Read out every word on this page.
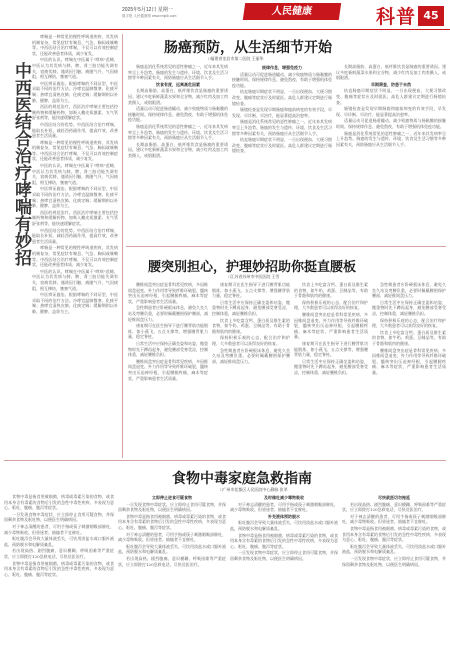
2025年5月12日 星期一
数字报 人民健康网 www.rmjkb.com	人民健康	科普 45
中西医结合治疗哮喘有妙招

哮喘是一种常见的慢性呼吸道疾病，其发病机制复杂，常见症状有喘息、气急、胸闷或咳嗽等。中西医结合治疗哮喘，不仅可以有效控制症状，还能改善患者体质，减少复发。

中医的认识。哮喘在中医属于"哮病"范畴，中医认为其发病与肺、脾、肾三脏功能失调有关，宿痰伏肺，遇诱因引触，痰随气升，气因痰阻，相互搏结，壅塞气道。

中医辨证施治。根据哮喘的不同证型，中医采取不同的治疗方法。冷哮宜温肺散寒、化痰平喘；热哮宜清热宣肺、化痰定喘；缓解期则以补肺、健脾、益肾为主。

西医的规范治疗。西医治疗哮喘主要包括控制药物和缓解药物，如吸入糖皮质激素、支气管舒张剂等，能快速缓解症状。

中西医结合的优势。中西医结合治疗哮喘，能取长补短，减轻西药副作用，提高疗效，改善患者生活质量。

哮喘是一种常见的慢性呼吸道疾病，其发病机制复杂，常见症状有喘息、气急、胸闷或咳嗽等。中西医结合治疗哮喘，不仅可以有效控制症状，还能改善患者体质，减少复发。

中医的认识。哮喘在中医属于"哮病"范畴，中医认为其发病与肺、脾、肾三脏功能失调有关，宿痰伏肺，遇诱因引触，痰随气升，气因痰阻，相互搏结，壅塞气道。

中医辨证施治。根据哮喘的不同证型，中医采取不同的治疗方法。冷哮宜温肺散寒、化痰平喘；热哮宜清热宣肺、化痰定喘；缓解期则以补肺、健脾、益肾为主。

西医的规范治疗。西医治疗哮喘主要包括控制药物和缓解药物，如吸入糖皮质激素、支气管舒张剂等，能快速缓解症状。

中西医结合的优势。中西医结合治疗哮喘，能取长补短，减轻西药副作用，提高疗效，改善患者生活质量。

哮喘是一种常见的慢性呼吸道疾病，其发病机制复杂，常见症状有喘息、气急、胸闷或咳嗽等。中西医结合治疗哮喘，不仅可以有效控制症状，还能改善患者体质，减少复发。

中医的认识。哮喘在中医属于"哮病"范畴，中医认为其发病与肺、脾、肾三脏功能失调有关，宿痰伏肺，遇诱因引触，痰随气升，气因痰阻，相互搏结，壅塞气道。

中医辨证施治。根据哮喘的不同证型，中医采取不同的治疗方法。冷哮宜温肺散寒、化痰平喘；热哮宜清热宣肺、化痰定喘；缓解期则以补肺、健脾、益肾为主。

肠癌预防，从生活细节开始
□福建省龙岩市第二医院 王丽华

肠癌是消化系统常见的恶性肿瘤之一，近年来其发病率呈上升趋势。肠癌的发生与遗传、环境、饮食及生活习惯等多种因素有关，预防肠癌应从生活细节入手。

饮食有度，远离高危因素

长期高脂肪、高蛋白、低纤维饮食是肠癌的重要诱因。建议多吃新鲜蔬菜水果和全谷物，减少红肉及加工肉类摄入，戒烟限酒。

适量运动可促进肠道蠕动，减少致癌物质与肠黏膜的接触时间。保持规律作息、避免熬夜，有助于增强机体免疫功能。

肠癌是消化系统常见的恶性肿瘤之一，近年来其发病率呈上升趋势。肠癌的发生与遗传、环境、饮食及生活习惯等多种因素有关，预防肠癌应从生活细节入手。

长期高脂肪、高蛋白、低纤维饮食是肠癌的重要诱因。建议多吃新鲜蔬菜水果和全谷物，减少红肉及加工肉类摄入，戒烟限酒。

规律作息，增强免疫力

适量运动可促进肠道蠕动，减少致癌物质与肠黏膜的接触时间。保持规律作息、避免熬夜，有助于增强机体免疫功能。

结直肠癌早期症状不明显，一旦出现便血、大便习惯改变、腹痛等症状应及时就医。高危人群建议定期进行肠镜检查。

肠镜检查是发现早期肠癌和癌前病变的有效手段，早发现、早诊断、早治疗，能显著提高治愈率。

肠癌是消化系统常见的恶性肿瘤之一，近年来其发病率呈上升趋势。肠癌的发生与遗传、环境、饮食及生活习惯等多种因素有关，预防肠癌应从生活细节入手。

结直肠癌早期症状不明显，一旦出现便血、大便习惯改变、腹痛等症状应及时就医。高危人群建议定期进行肠镜检查。

长期高脂肪、高蛋白、低纤维饮食是肠癌的重要诱因。建议多吃新鲜蔬菜水果和全谷物，减少红肉及加工肉类摄入，戒烟限酒。

早期筛查，防患于未然

结直肠癌早期症状不明显，一旦出现便血、大便习惯改变、腹痛等症状应及时就医。高危人群建议定期进行肠镜检查。

肠镜检查是发现早期肠癌和癌前病变的有效手段，早发现、早诊断、早治疗，能显著提高治愈率。

适量运动可促进肠道蠕动，减少致癌物质与肠黏膜的接触时间。保持规律作息、避免熬夜，有助于增强机体免疫功能。

肠癌是消化系统常见的恶性肿瘤之一，近年来其发病率呈上升趋势。肠癌的发生与遗传、环境、饮食及生活习惯等多种因素有关，预防肠癌应从生活细节入手。

腰突別担心，护理妙招助你挺直腰板
□江苏省苏州市中医医院 王雪

腰椎间盘突出症是骨科常见疾病，多因椎间盘退变、外力作用等导致纤维环破裂，髓核突出压迫神经根，引起腰腿疼痛、麻木等症状，严重影响患者生活质量。

急性期患者应卧硬板床休息，避免久坐久站及弯腰负重，必要时佩戴腰围保护腰部，减轻椎间盘压力。

康复期可在医生指导下进行腰背肌功能锻炼，如小燕飞、五点支撑等，增强腰背肌力量，稳定脊柱。

日常生活中应保持正确坐姿和站姿，搬重物时先下蹲再起身，避免腰部受寒受凉，控制体重，减轻腰椎负担。

腰椎间盘突出症是骨科常见疾病，多因椎间盘退变、外力作用等导致纤维环破裂，髓核突出压迫神经根，引起腰腿疼痛、麻木等症状，严重影响患者生活质量。

康复期可在医生指导下进行腰背肌功能锻炼，如小燕飞、五点支撑等，增强腰背肌力量，稳定脊柱。

日常生活中应保持正确坐姿和站姿，搬重物时先下蹲再起身，避免腰部受寒受凉，控制体重，减轻腰椎负担。

饮食上多吃富含钙、蛋白质及维生素的食物，如牛奶、鸡蛋、豆制品等，有助于骨骼和肌肉的健康。

保持积极乐观的心态，配合治疗和护理，大多数患者可以获得良好的恢复。

急性期患者应卧硬板床休息，避免久坐久站及弯腰负重，必要时佩戴腰围保护腰部，减轻椎间盘压力。

饮食上多吃富含钙、蛋白质及维生素的食物，如牛奶、鸡蛋、豆制品等，有助于骨骼和肌肉的健康。

保持积极乐观的心态，配合治疗和护理，大多数患者可以获得良好的恢复。

腰椎间盘突出症是骨科常见疾病，多因椎间盘退变、外力作用等导致纤维环破裂，髓核突出压迫神经根，引起腰腿疼痛、麻木等症状，严重影响患者生活质量。

康复期可在医生指导下进行腰背肌功能锻炼，如小燕飞、五点支撑等，增强腰背肌力量，稳定脊柱。

日常生活中应保持正确坐姿和站姿，搬重物时先下蹲再起身，避免腰部受寒受凉，控制体重，减轻腰椎负担。

急性期患者应卧硬板床休息，避免久坐久站及弯腰负重，必要时佩戴腰围保护腰部，减轻椎间盘压力。

日常生活中应保持正确坐姿和站姿，搬重物时先下蹲再起身，避免腰部受寒受凉，控制体重，减轻腰椎负担。

保持积极乐观的心态，配合治疗和护理，大多数患者可以获得良好的恢复。

饮食上多吃富含钙、蛋白质及维生素的食物，如牛奶、鸡蛋、豆制品等，有助于骨骼和肌肉的健康。

腰椎间盘突出症是骨科常见疾病，多因椎间盘退变、外力作用等导致纤维环破裂，髓核突出压迫神经根，引起腰腿疼痛、麻木等症状，严重影响患者生活质量。

食物中毒家庭急救指南
□广州市花都区人民医院中心静脉 张翠

食物中毒是指食用被细菌、病毒或毒素污染的食物，或食用本身含有毒素的食物后引发的急性中毒性疾病，多表现为恶心、呕吐、腹痛、腹泻等症状。

一旦发现食物中毒症状，应立即停止食用可疑食物，并保留剩余食物及呕吐物，以便医生明确病因。

对于神志清醒的患者，可用手指或筷子刺激咽喉部催吐，减少毒物吸收。但昏迷者、抽搐者不宜催吐。

呕吐腹泻会导致大量体液丢失，可饮用淡盐水或口服补液盐，预防脱水和电解质紊乱。

若出现高热、剧烈腹痛、意识模糊、呼吸困难等严重症状，应立即拨打120急救电话，尽快送医治疗。

食物中毒是指食用被细菌、病毒或毒素污染的食物，或食用本身含有毒素的食物后引发的急性中毒性疾病，多表现为恶心、呕吐、腹痛、腹泻等症状。

立即停止进食可疑食物

一旦发现食物中毒症状，应立即停止食用可疑食物，并保留剩余食物及呕吐物，以便医生明确病因。

食物中毒是指食用被细菌、病毒或毒素污染的食物，或食用本身含有毒素的食物后引发的急性中毒性疾病，多表现为恶心、呕吐、腹痛、腹泻等症状。

对于神志清醒的患者，可用手指或筷子刺激咽喉部催吐，减少毒物吸收。但昏迷者、抽搐者不宜催吐。

呕吐腹泻会导致大量体液丢失，可饮用淡盐水或口服补液盐，预防脱水和电解质紊乱。

若出现高热、剧烈腹痛、意识模糊、呼吸困难等严重症状，应立即拨打120急救电话，尽快送医治疗。

及时催吐减少毒物吸收

对于神志清醒的患者，可用手指或筷子刺激咽喉部催吐，减少毒物吸收。但昏迷者、抽搐者不宜催吐。

补充液体预防脱水

呕吐腹泻会导致大量体液丢失，可饮用淡盐水或口服补液盐，预防脱水和电解质紊乱。

食物中毒是指食用被细菌、病毒或毒素污染的食物，或食用本身含有毒素的食物后引发的急性中毒性疾病，多表现为恶心、呕吐、腹痛、腹泻等症状。

一旦发现食物中毒症状，应立即停止食用可疑食物，并保留剩余食物及呕吐物，以便医生明确病因。

尽快就医切勿拖延

若出现高热、剧烈腹痛、意识模糊、呼吸困难等严重症状，应立即拨打120急救电话，尽快送医治疗。

对于神志清醒的患者，可用手指或筷子刺激咽喉部催吐，减少毒物吸收。但昏迷者、抽搐者不宜催吐。

食物中毒是指食用被细菌、病毒或毒素污染的食物，或食用本身含有毒素的食物后引发的急性中毒性疾病，多表现为恶心、呕吐、腹痛、腹泻等症状。

呕吐腹泻会导致大量体液丢失，可饮用淡盐水或口服补液盐，预防脱水和电解质紊乱。

一旦发现食物中毒症状，应立即停止食用可疑食物，并保留剩余食物及呕吐物，以便医生明确病因。
